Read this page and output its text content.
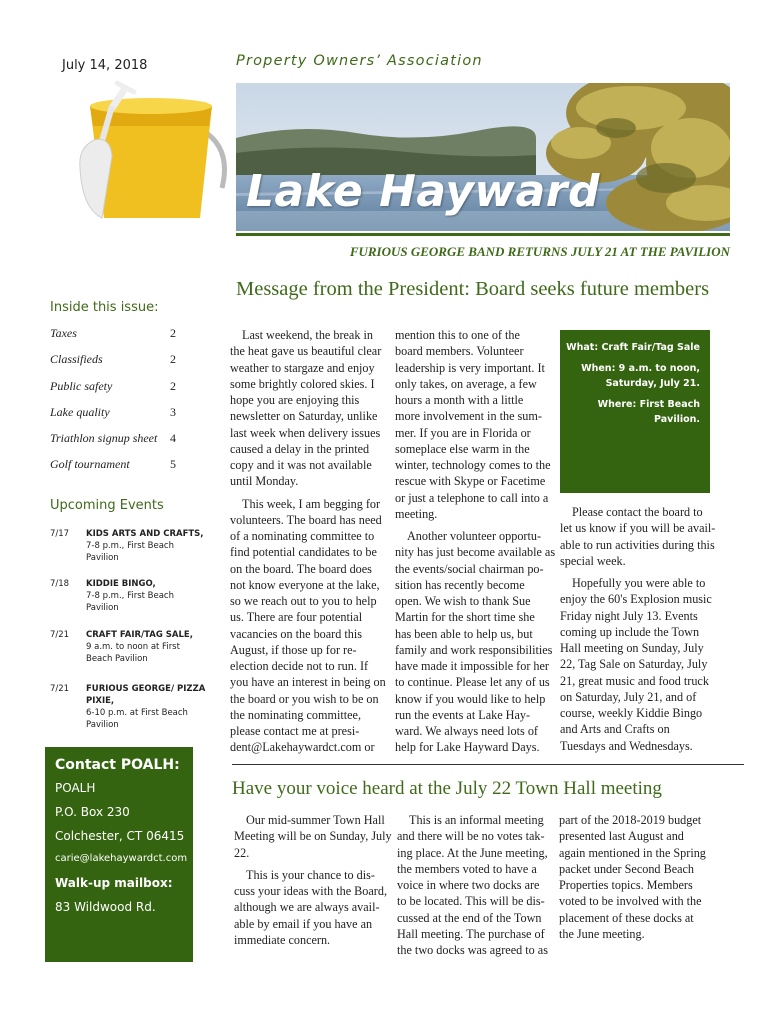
July 14, 2018	Property Owners’ Association
Lake Hayward
FURIOUS GEORGE BAND RETURNS JULY 21 AT THE PAVILION
Message from the President: Board seeks future members
Inside this issue:
Taxes	2
Classifieds	2
Public safety	2
Lake quality	3
Triathlon signup sheet 4
Golf tournament	5
Upcoming Events
7/17 KIDS ARTS AND CRAFTS, 7-8 p.m., First Beach Pavilion
7/18 KIDDIE BINGO,
7-8 p.m., First Beach Pavilion
7/21 CRAFT FAIR/TAG SALE,
9 a.m. to noon at First Beach Pavilion
7/21 FURIOUS GEORGE/ PIZZA PIXIE,
6-10 p.m. at First Beach Pavilion
Contact POALH:
POALH
P.O. Box 230
Colchester, CT 06415
carie@lakehaywardct.com
Walk-up mailbox:
83 Wildwood Rd.
Last weekend, the break in
the heat gave us beautiful clear
weather to stargaze and enjoy
some brightly colored skies. I
hope you are enjoying this
newsletter on Saturday, unlike
last week when delivery issues
caused a delay in the printed
copy and it was not available
until Monday.
This week, I am begging for
volunteers. The board has need
of a nominating committee to
find potential candidates to be
on the board. The board does
not know everyone at the lake,
so we reach out to you to help
us. There are four potential
vacancies on the board this
August, if those up for re-
election decide not to run. If
you have an interest in being on
the board or you wish to be on
the nominating committee,
please contact me at presi-
dent@Lakehaywardct.com or
mention this to one of the
board members. Volunteer
leadership is very important. It
only takes, on average, a few
hours a month with a little
more involvement in the sum-
mer. If you are in Florida or
someplace else warm in the
winter, technology comes to the
rescue with Skype or Facetime
or just a telephone to call into a
meeting.
Another volunteer opportu-
nity has just become available as
the events/social chairman po-
sition has recently become
open. We wish to thank Sue
Martin for the short time she
has been able to help us, but
family and work responsibilities
have made it impossible for her
to continue. Please let any of us
know if you would like to help
run the events at Lake Hay-
ward. We always need lots of
help for Lake Hayward Days.
What: Craft Fair/Tag Sale
When: 9 a.m. to noon, Saturday, July 21.
Where: First Beach Pavilion.
Please contact the board to
let us know if you will be avail-
able to run activities during this
special week.
Hopefully you were able to
enjoy the 60's Explosion music
Friday night July 13. Events
coming up include the Town
Hall meeting on Sunday, July
22, Tag Sale on Saturday, July
21, great music and food truck
on Saturday, July 21, and of
course, weekly Kiddie Bingo
and Arts and Crafts on
Tuesdays and Wednesdays.
Have your voice heard at the July 22 Town Hall meeting
Our mid-summer Town Hall
Meeting will be on Sunday, July
22.
This is your chance to dis-
cuss your ideas with the Board,
although we are always avail-
able by email if you have an
immediate concern.
This is an informal meeting
and there will be no votes tak-
ing place. At the June meeting,
the members voted to have a
voice in where two docks are
to be located. This will be dis-
cussed at the end of the Town
Hall meeting. The purchase of
the two docks was agreed to as
part of the 2018-2019 budget
presented last August and
again mentioned in the Spring
packet under Second Beach
Properties topics. Members
voted to be involved with the
placement of these docks at
the June meeting.
